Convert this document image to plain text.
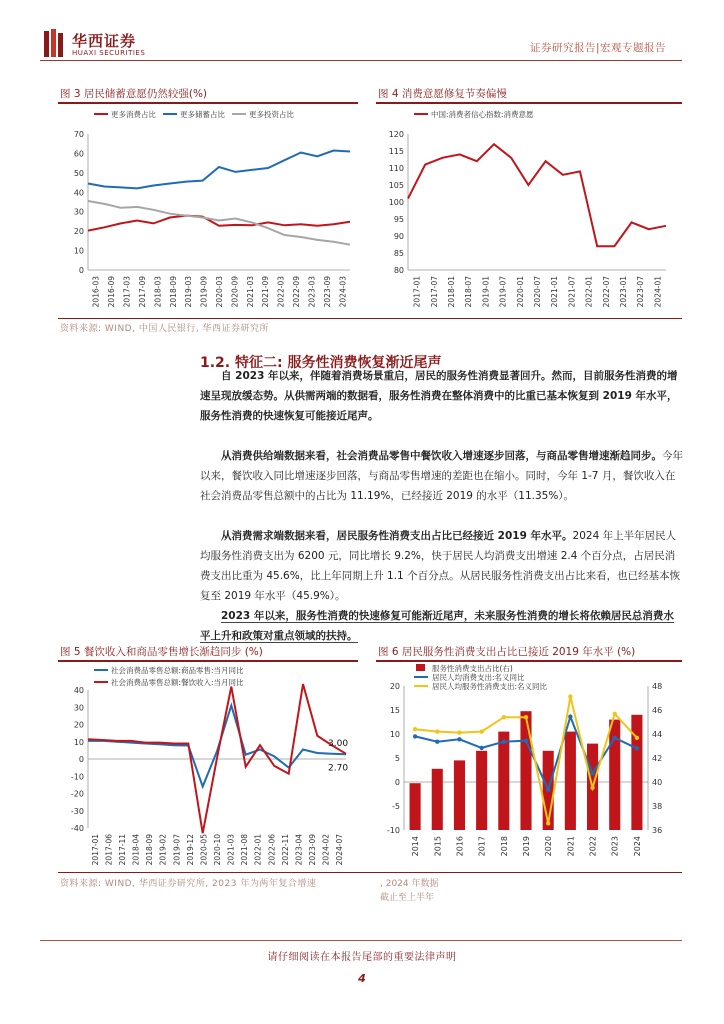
华西证券
HUAXI SECURITIES	证券研究报告|宏观专题报告
图 3 居民储蓄意愿仍然较强(%)
0
10
20
30
40
50
60
70
2016-03 2016-09 2017-03 2017-09 2018-03 2018-09 2019-03 2019-09 2020-03 2020-09 2021-03 2021-09 2022-03 2022-09 2023-03 2023-09 2024-03
更多消费占比	更多储蓄占比	更多投资占比
图 4 消费意愿修复节奏偏慢
80
85
90
95
100
105
110
115
120
2017-01 2017-07 2018-01 2018-07 2019-01 2019-07 2020-01 2020-07 2021-01 2021-07 2022-01 2022-07 2023-01 2023-07 2024-01
中国:消费者信心指数:消费意愿
资料来源: WIND, 中国人民银行, 华西证券研究所
1.2. 特征二: 服务性消费恢复渐近尾声
自 2023 年以来，伴随着消费场景重启，居民的服务性消费显著回升。然而，目前服务性消费的增速呈现放缓态势。从供需两端的数据看，服务性消费在整体消费中的比重已基本恢复到 2019 年水平，服务性消费的快速恢复可能接近尾声。
从消费供给端数据来看，社会消费品零售中餐饮收入增速逐步回落，与商品零售增速渐趋同步。今年以来，餐饮收入同比增速逐步回落，与商品零售增速的差距也在缩小。同时，今年 1-7 月，餐饮收入在社会消费品零售总额中的占比为 11.19%，已经接近 2019 的水平（11.35%）。
从消费需求端数据来看，居民服务性消费支出占比已经接近 2019 年水平。2024 年上半年居民人均服务性消费支出为 6200 元，同比增长 9.2%，快于居民人均消费支出增速 2.4 个百分点，占居民消费支出比重为 45.6%，比上年同期上升 1.1 个百分点。从居民服务性消费支出占比来看，也已经基本恢复至 2019 年水平（45.9%）。
2023 年以来，服务性消费的快速修复可能渐近尾声，未来服务性消费的增长将依赖居民总消费水平上升和政策对重点领域的扶持。
图 5 餐饮收入和商品零售增长渐趋同步 (%)
-40
-30
-20
-10
0
10
20
30
40
2017-01 2017-06 2017-11 2018-04 2018-09 2019-02 2019-07 2019-12 2020-05 2020-10 2021-03 2021-08 2022-01 2022-06 2022-11 2023-04 2023-09 2024-02 2024-07
社会消费品零售总额:商品零售:当月同比
社会消费品零售总额:餐饮收入:当月同比
3.00
2.70
图 6 居民服务性消费支出占比已接近 2019 年水平 (%)
-10
-5
0
5
10
15
20
36
38
40
42
44
46
48
2014 2015 2016 2017 2018 2019 2020 2021 2022 2023 2024
服务性消费支出占比(右)
居民人均消费支出:名义同比
居民人均服务性消费支出:名义同比
资料来源: WIND, 华西证券研究所, 2023 年为两年复合增速	, 2024 年数据
截止至上半年
请仔细阅读在本报告尾部的重要法律声明
4
